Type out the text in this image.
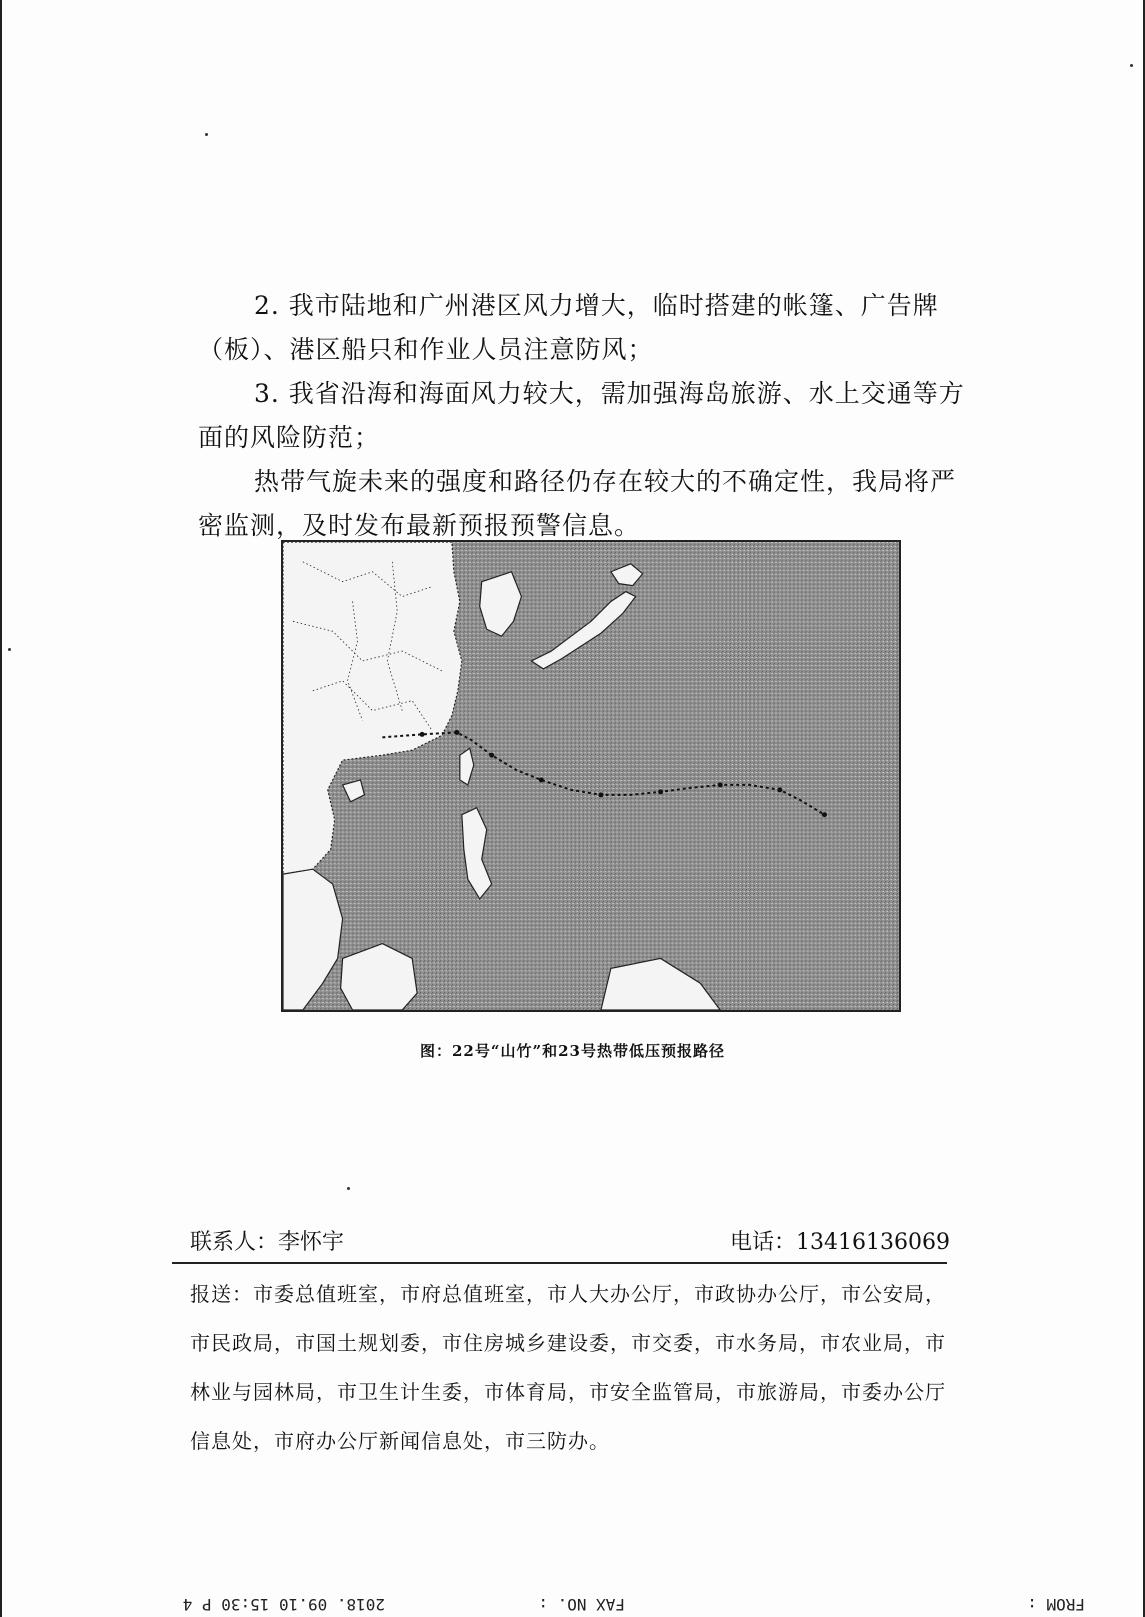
2. 我市陆地和广州港区风力增大，临时搭建的帐篷、广告牌（板）、港区船只和作业人员注意防风；
3. 我省沿海和海面风力较大，需加强海岛旅游、水上交通等方面的风险防范；
热带气旋未来的强度和路径仍存在较大的不确定性，我局将严密监测，及时发布最新预报预警信息。
图：22号“山竹”和23号热带低压预报路径
联系人：李怀宇	电话：13416136069
报送：市委总值班室，市府总值班室，市人大办公厅，市政协办公厅，市公安局，市民政局，市国土规划委，市住房城乡建设委，市交委，市水务局，市农业局，市林业与园林局，市卫生计生委，市体育局，市安全监管局，市旅游局，市委办公厅信息处，市府办公厅新闻信息处，市三防办。
FROM :
FAX NO. :
2018. 09.10 15:30 P 4
